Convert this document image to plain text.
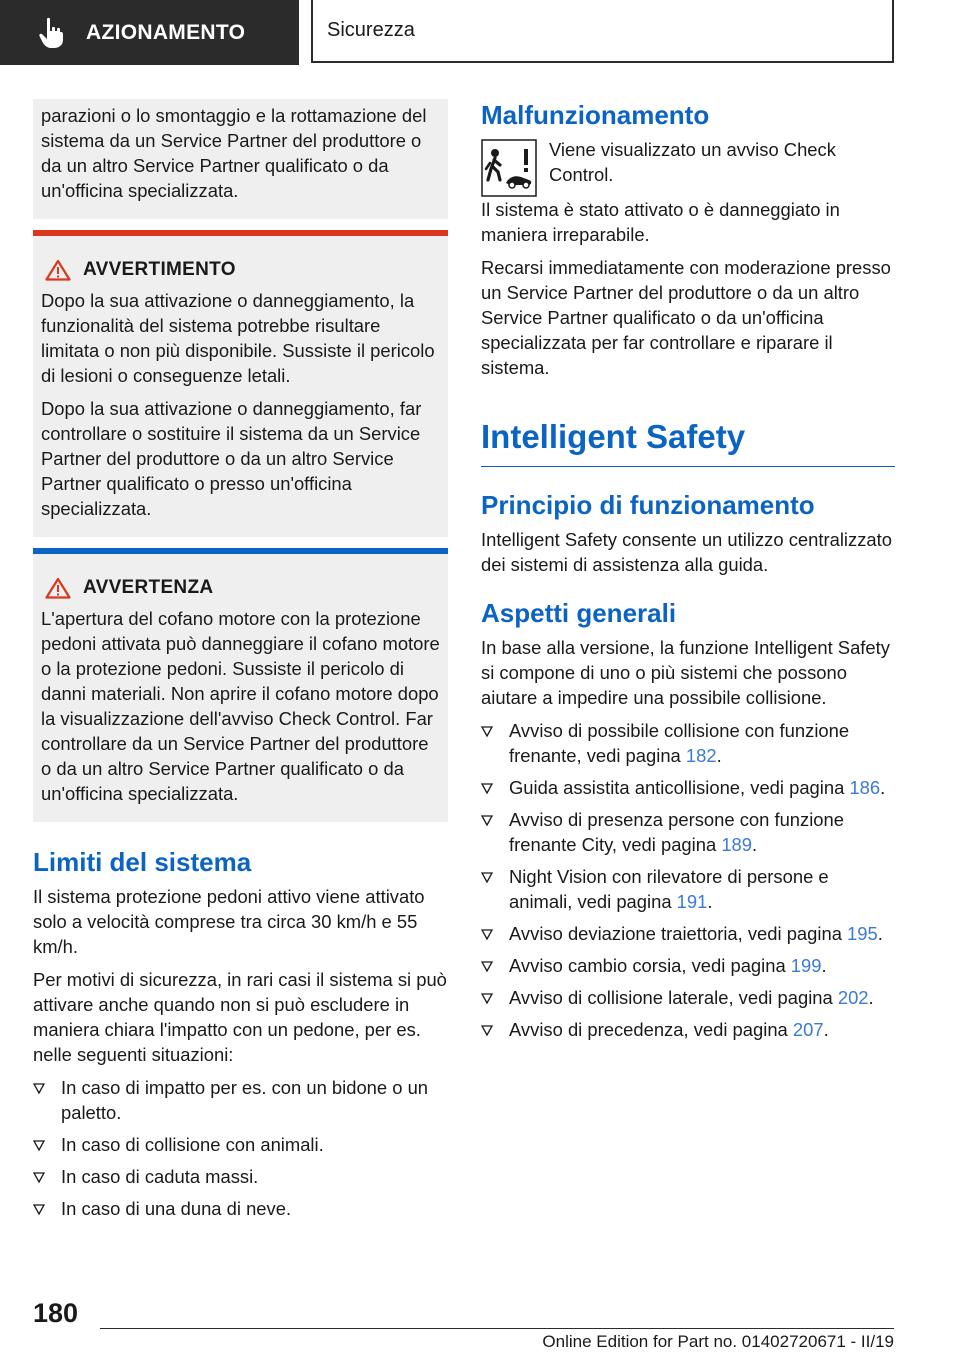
AZIONAMENTO	Sicurezza

parazioni o lo smontaggio e la rottamazione del sistema da un Service Partner del produttore o da un altro Service Partner qualificato o da un'officina specializzata.

AVVERTIMENTO

Dopo la sua attivazione o danneggiamento, la funzionalità del sistema potrebbe risultare limitata o non più disponibile. Sussiste il pericolo di lesioni o conseguenze letali.

Dopo la sua attivazione o danneggiamento, far controllare o sostituire il sistema da un Service Partner del produttore o da un altro Service Partner qualificato o presso un'officina specializzata.

AVVERTENZA

L'apertura del cofano motore con la protezione pedoni attivata può danneggiare il cofano motore o la protezione pedoni. Sussiste il pericolo di danni materiali. Non aprire il cofano motore dopo la visualizzazione dell'avviso Check Control. Far controllare da un Service Partner del produttore o da un altro Service Partner qualificato o da un'officina specializzata.

Limiti del sistema

Il sistema protezione pedoni attivo viene attivato solo a velocità comprese tra circa 30 km/h e 55 km/h.

Per motivi di sicurezza, in rari casi il sistema si può attivare anche quando non si può escludere in maniera chiara l'impatto con un pedone, per es. nelle seguenti situazioni:

In caso di impatto per es. con un bidone o un paletto.
In caso di collisione con animali.
In caso di caduta massi.
In caso di una duna di neve.
Malfunzionamento

Viene visualizzato un avviso Check Control.

Il sistema è stato attivato o è danneggiato in maniera irreparabile.

Recarsi immediatamente con moderazione presso un Service Partner del produttore o da un altro Service Partner qualificato o da un'officina specializzata per far controllare e riparare il sistema.

Intelligent Safety
Principio di funzionamento

Intelligent Safety consente un utilizzo centralizzato dei sistemi di assistenza alla guida.

Aspetti generali

In base alla versione, la funzione Intelligent Safety si compone di uno o più sistemi che possono aiutare a impedire una possibile collisione.

Avviso di possibile collisione con funzione frenante, vedi pagina 182.
Guida assistita anticollisione, vedi pagina 186.
Avviso di presenza persone con funzione frenante City, vedi pagina 189.
Night Vision con rilevatore di persone e animali, vedi pagina 191.
Avviso deviazione traiettoria, vedi pagina 195.
Avviso cambio corsia, vedi pagina 199.
Avviso di collisione laterale, vedi pagina 202.
Avviso di precedenza, vedi pagina 207.
180
Online Edition for Part no. 01402720671 - II/19
